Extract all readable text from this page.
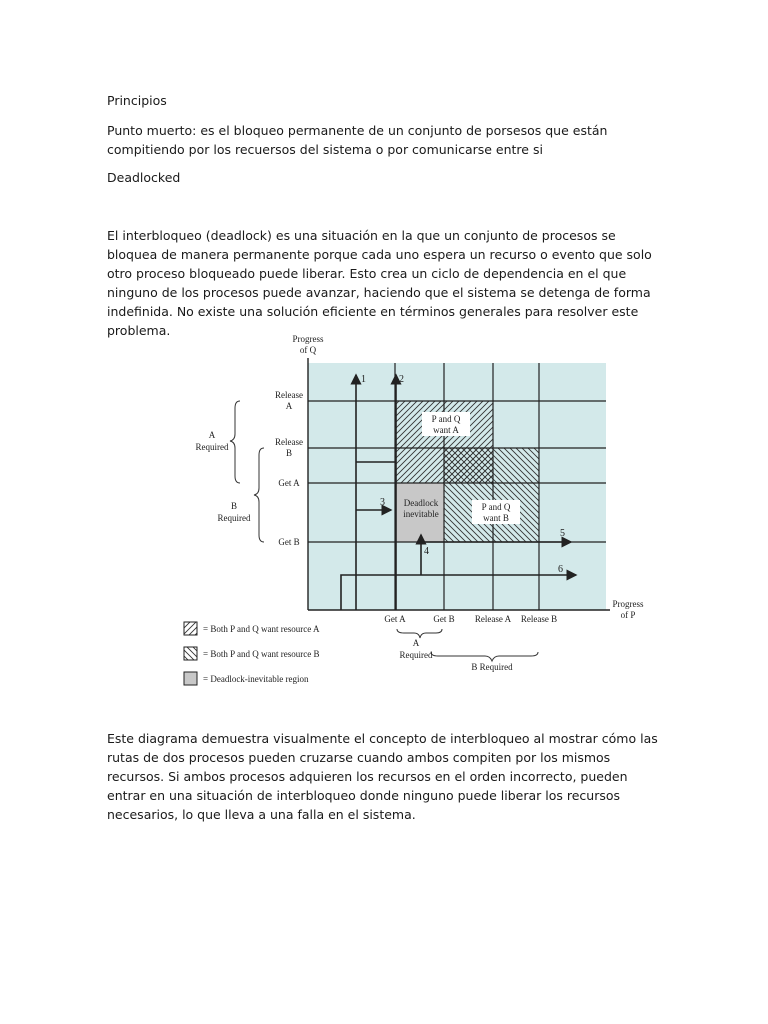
Principios

Punto muerto: es el bloqueo permanente de un conjunto de porsesos que están compitiendo por los recuersos del sistema o por comunicarse entre si

Deadlocked

El interbloqueo (deadlock) es una situación en la que un conjunto de procesos se bloquea de manera permanente porque cada uno espera un recurso o evento que solo otro proceso bloqueado puede liberar. Esto crea un ciclo de dependencia en el que ninguno de los procesos puede avanzar, haciendo que el sistema se detenga de forma indefinida. No existe una solución eficiente en términos generales para resolver este problema.

1	2
3
4
5
6
P and Q
want A
P and Q
want B
Deadlock
inevitable
Progress
of Q
Release
A
Release
B
Get A
Get B
A
Required
B
Required
Progress
of P
Get A	Get B Release A Release B
A
Required
B Required
= Both P and Q want resource A
= Both P and Q want resource B
= Deadlock-inevitable region

Este diagrama demuestra visualmente el concepto de interbloqueo al mostrar cómo las rutas de dos procesos pueden cruzarse cuando ambos compiten por los mismos recursos. Si ambos procesos adquieren los recursos en el orden incorrecto, pueden entrar en una situación de interbloqueo donde ninguno puede liberar los recursos necesarios, lo que lleva a una falla en el sistema.
